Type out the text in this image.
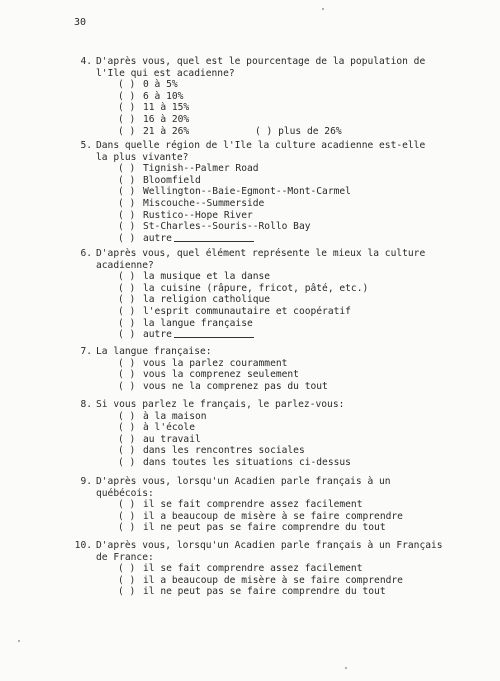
30
4. D'après vous, quel est le pourcentage de la population de
l'Ile qui est acadienne?
( ) 0 à 5%
( ) 6 à 10%
( ) 11 à 15%
( ) 16 à 20%
( ) 21 à 26%	( ) plus de 26%
5. Dans quelle région de l'Ile la culture acadienne est-elle
la plus vivante?
( ) Tignish--Palmer Road
( ) Bloomfield
( ) Wellington--Baie-Egmont--Mont-Carmel
( ) Miscouche--Summerside
( ) Rustico--Hope River
( ) St-Charles--Souris--Rollo Bay
( ) autre
6. D'après vous, quel élément représente le mieux la culture
acadienne?
( ) la musique et la danse
( ) la cuisine (râpure, fricot, pâté, etc.)
( ) la religion catholique
( ) l'esprit communautaire et coopératif
( ) la langue française
( ) autre
7. La langue française:
( ) vous la parlez couramment
( ) vous la comprenez seulement
( ) vous ne la comprenez pas du tout
8. Si vous parlez le français, le parlez-vous:
( ) à la maison
( ) à l'école
( ) au travail
( ) dans les rencontres sociales
( ) dans toutes les situations ci-dessus
9. D'après vous, lorsqu'un Acadien parle français à un
québécois:
( ) il se fait comprendre assez facilement
( ) il a beaucoup de misère à se faire comprendre
( ) il ne peut pas se faire comprendre du tout
10. D'après vous, lorsqu'un Acadien parle français à un Français
de France:
( ) il se fait comprendre assez facilement
( ) il a beaucoup de misère à se faire comprendre
( ) il ne peut pas se faire comprendre du tout
